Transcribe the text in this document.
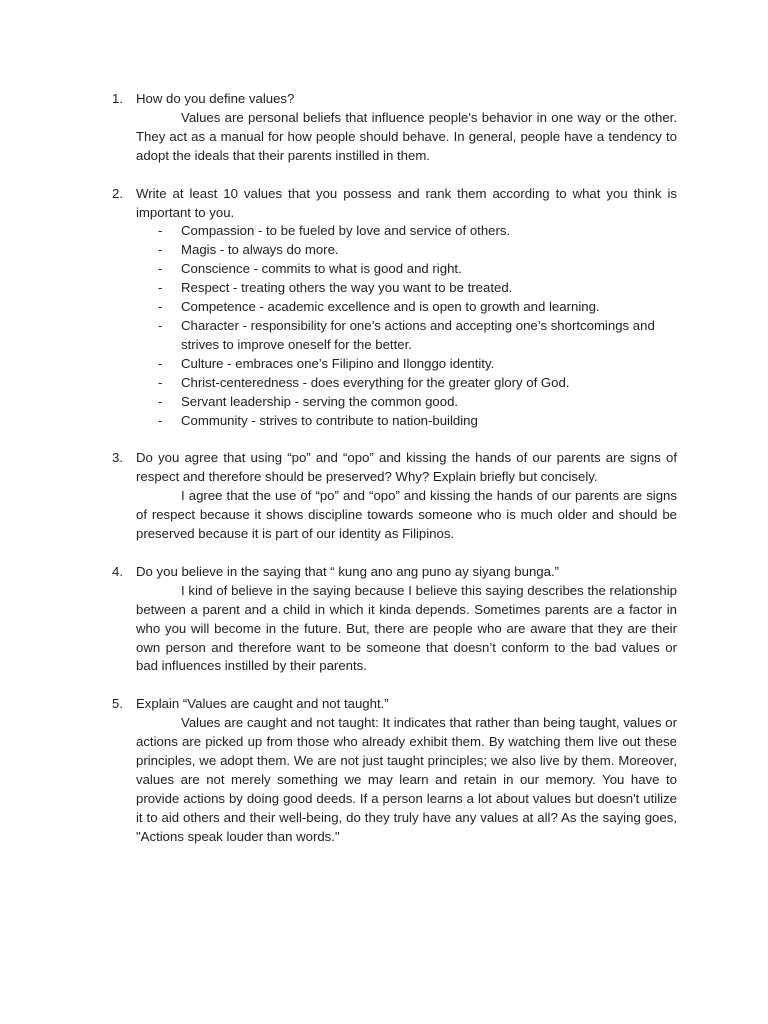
1. How do you define values?

Values are personal beliefs that influence people's behavior in one way or the other. They act as a manual for how people should behave. In general, people have a tendency to adopt the ideals that their parents instilled in them.

2. Write at least 10 values that you possess and rank them according to what you think is important to you.

- Compassion - to be fueled by love and service of others.
- Magis - to always do more.
- Conscience - commits to what is good and right.
- Respect - treating others the way you want to be treated.
- Competence - academic excellence and is open to growth and learning.
- Character - responsibility for one’s actions and accepting one’s shortcomings and strives to improve oneself for the better.
- Culture - embraces one’s Filipino and Ilonggo identity.
- Christ-centeredness - does everything for the greater glory of God.
- Servant leadership - serving the common good.
- Community - strives to contribute to nation-building
3. Do you agree that using “po” and “opo” and kissing the hands of our parents are signs of respect and therefore should be preserved? Why? Explain briefly but concisely.

I agree that the use of “po” and “opo” and kissing the hands of our parents are signs of respect because it shows discipline towards someone who is much older and should be preserved because it is part of our identity as Filipinos.

4. Do you believe in the saying that “ kung ano ang puno ay siyang bunga.”

I kind of believe in the saying because I believe this saying describes the relationship between a parent and a child in which it kinda depends. Sometimes parents are a factor in who you will become in the future. But, there are people who are aware that they are their own person and therefore want to be someone that doesn’t conform to the bad values or bad influences instilled by their parents.

5. Explain “Values are caught and not taught.”

Values are caught and not taught: It indicates that rather than being taught, values or actions are picked up from those who already exhibit them. By watching them live out these principles, we adopt them. We are not just taught principles; we also live by them. Moreover, values are not merely something we may learn and retain in our memory. You have to provide actions by doing good deeds. If a person learns a lot about values but doesn't utilize it to aid others and their well-being, do they truly have any values at all? As the saying goes, "Actions speak louder than words."
